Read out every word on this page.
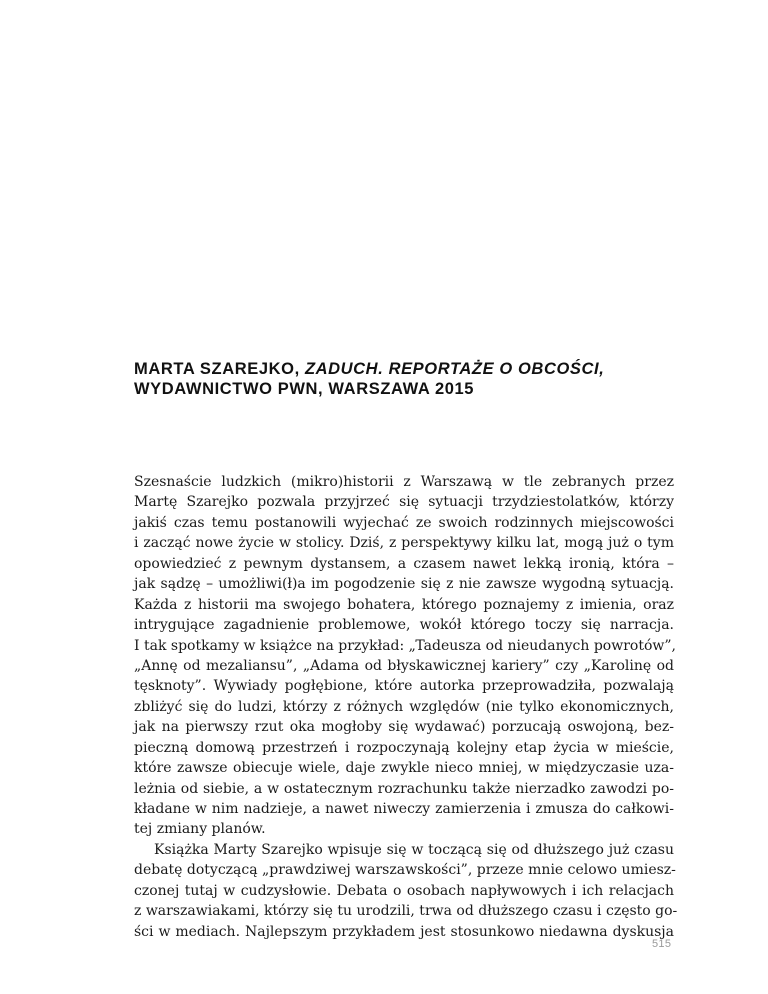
MARTA SZAREJKO, ZADUCH. REPORTAŻE O OBCOŚCI,
WYDAWNICTWO PWN, WARSZAWA 2015
Szesnaście ludzkich (mikro)historii z Warszawą w tle zebranych przez
Martę Szarejko pozwala przyjrzeć się sytuacji trzydziestolatków, którzy
jakiś czas temu postanowili wyjechać ze swoich rodzinnych miejscowości
i zacząć nowe życie w stolicy. Dziś, z perspektywy kilku lat, mogą już o tym
opowiedzieć z pewnym dystansem, a czasem nawet lekką ironią, która –
jak sądzę – umożliwi(ł)a im pogodzenie się z nie zawsze wygodną sytuacją.
Każda z historii ma swojego bohatera, którego poznajemy z imienia, oraz
intrygujące zagadnienie problemowe, wokół którego toczy się narracja.
I tak spotkamy w książce na przykład: „Tadeusza od nieudanych powrotów”,
„Annę od mezaliansu”, „Adama od błyskawicznej kariery” czy „Karolinę od
tęsknoty”. Wywiady pogłębione, które autorka przeprowadziła, pozwalają
zbliżyć się do ludzi, którzy z różnych względów (nie tylko ekonomicznych,
jak na pierwszy rzut oka mogłoby się wydawać) porzucają oswojoną, bez-
pieczną domową przestrzeń i rozpoczynają kolejny etap życia w mieście,
które zawsze obiecuje wiele, daje zwykle nieco mniej, w międzyczasie uza-
leżnia od siebie, a w ostatecznym rozrachunku także nierzadko zawodzi po-
kładane w nim nadzieje, a nawet niweczy zamierzenia i zmusza do całkowi-
tej zmiany planów.
Książka Marty Szarejko wpisuje się w toczącą się od dłuższego już czasu
debatę dotyczącą „prawdziwej warszawskości”, przeze mnie celowo umiesz-
czonej tutaj w cudzysłowie. Debata o osobach napływowych i ich relacjach
z warszawiakami, którzy się tu urodzili, trwa od dłuższego czasu i często go-
ści w mediach. Najlepszym przykładem jest stosunkowo niedawna dyskusja
515
